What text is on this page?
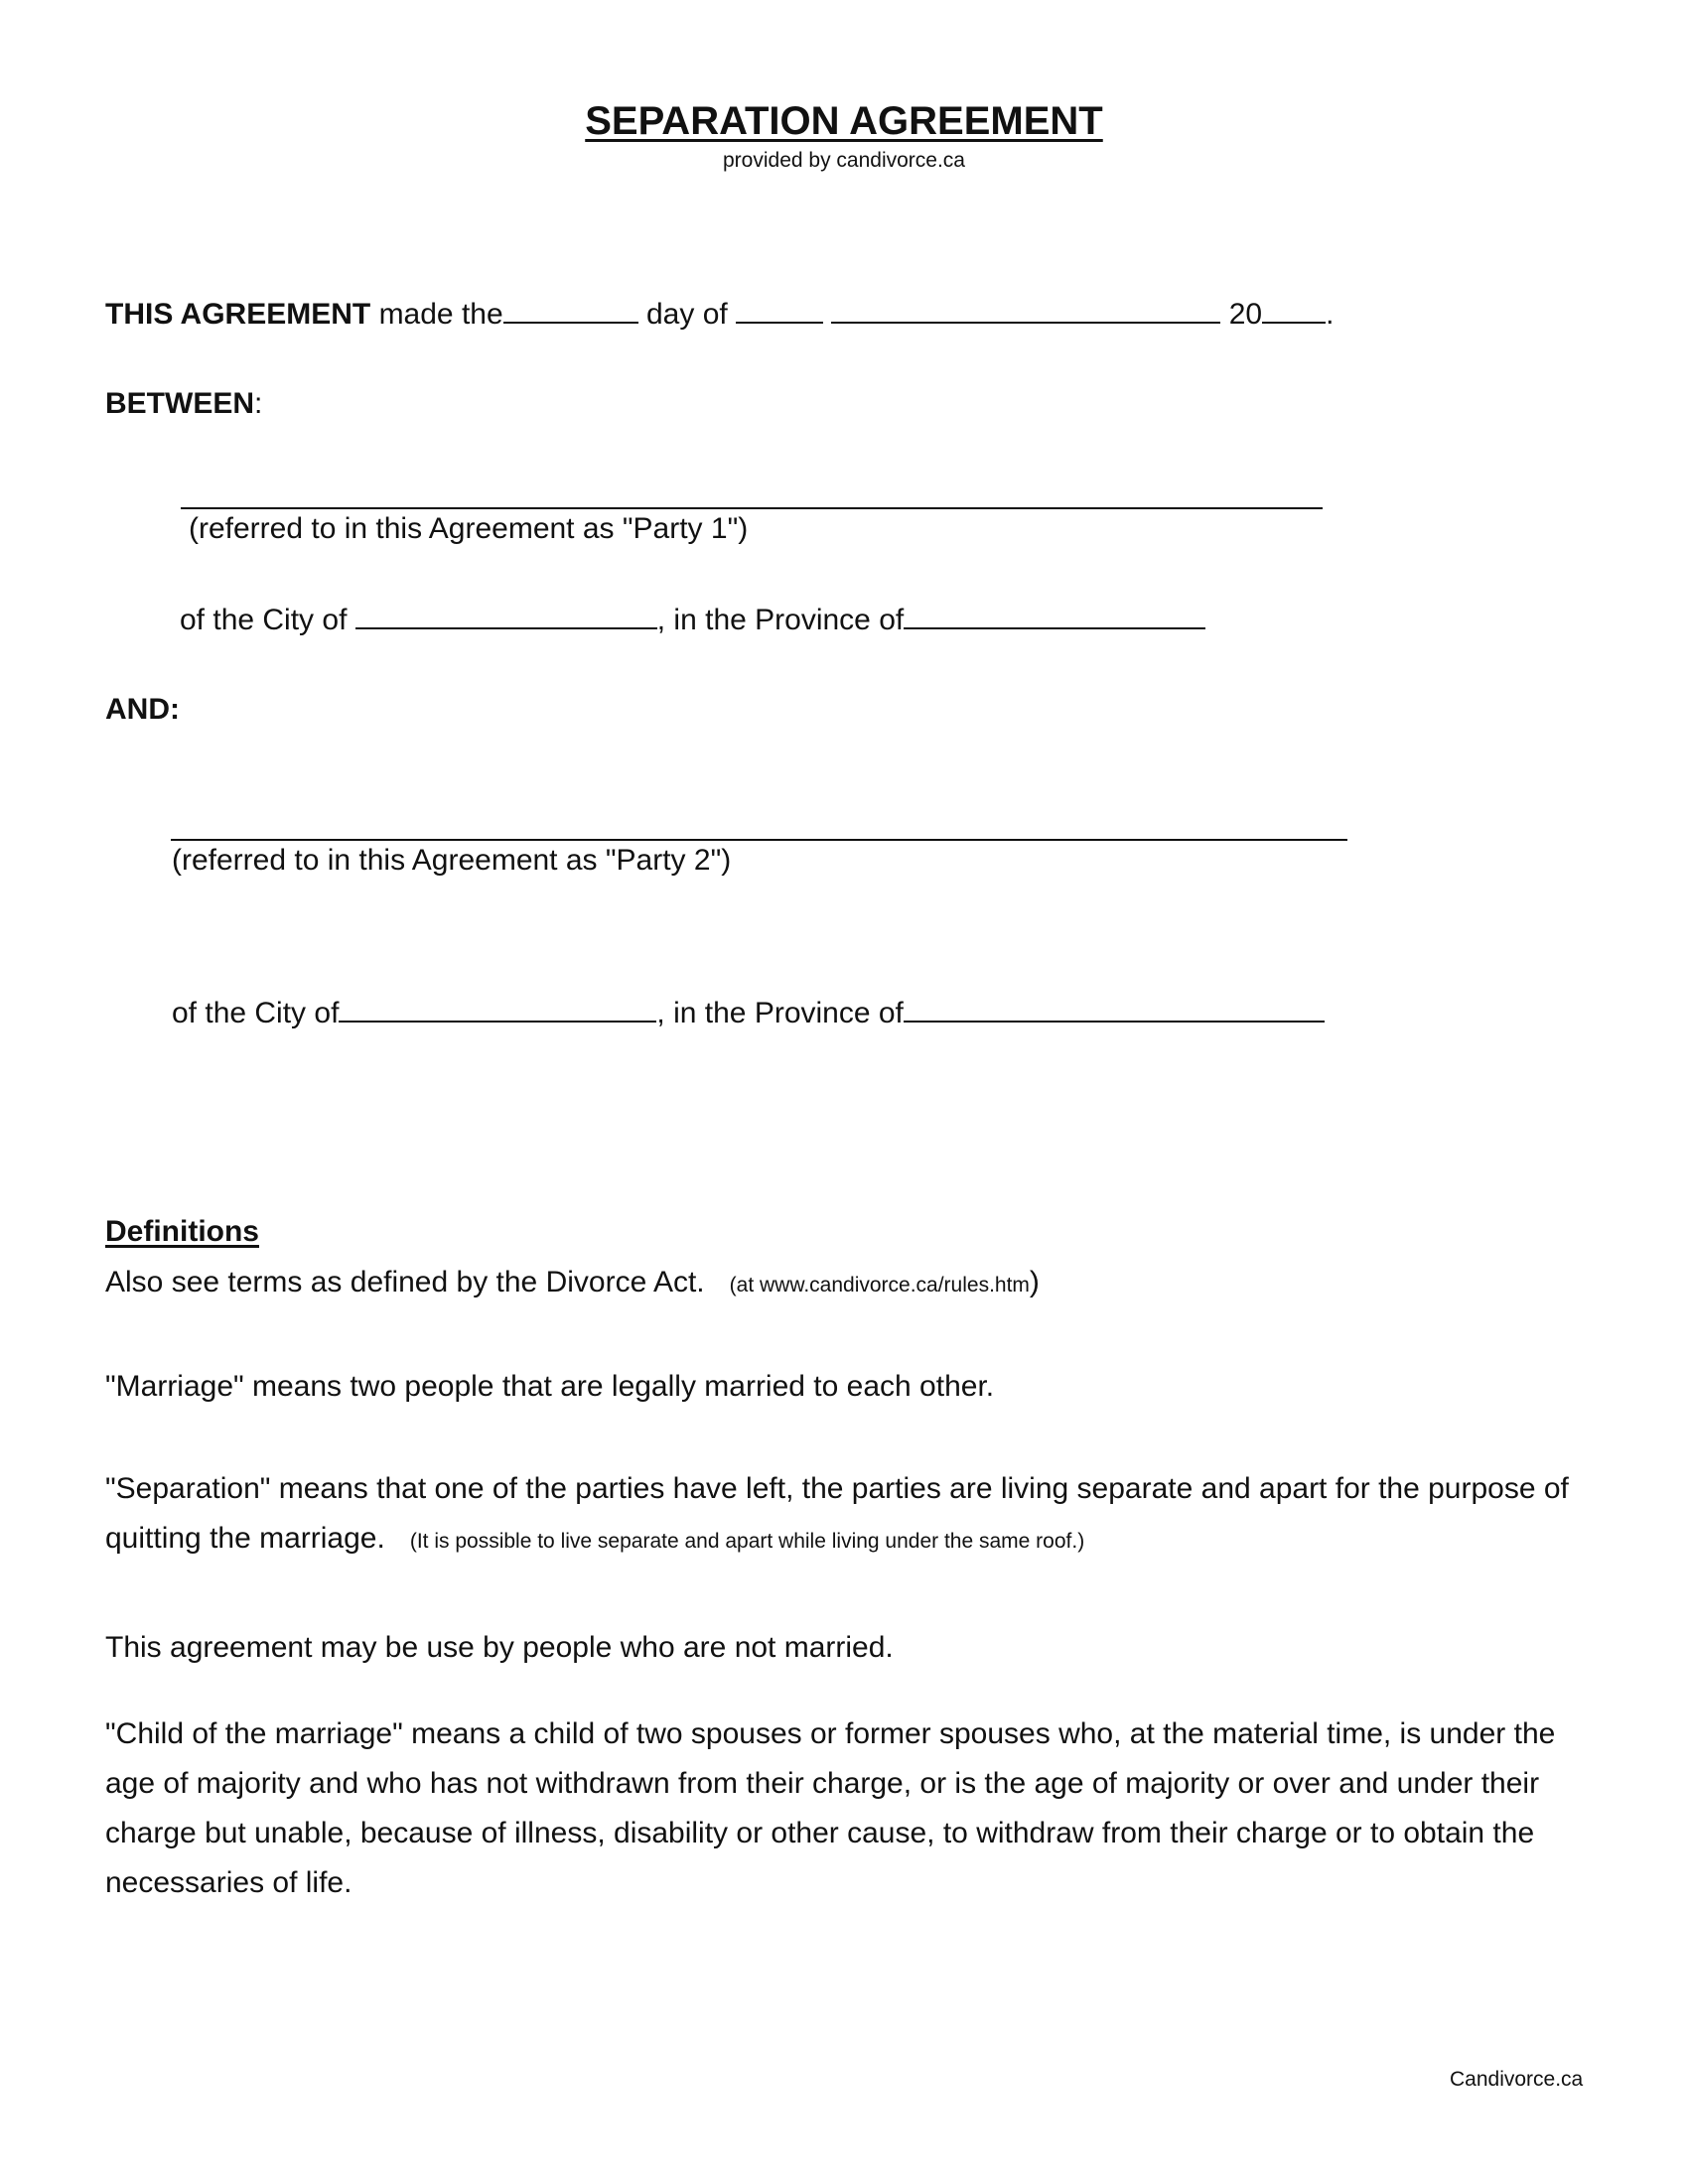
SEPARATION AGREEMENT
provided by candivorce.ca
THIS AGREEMENT made the	day of	20 .
BETWEEN:
(referred to in this Agreement as "Party 1")
of the City of	, in the Province of
AND:
(referred to in this Agreement as "Party 2")
of the City of	, in the Province of
Definitions
Also see terms as defined by the Divorce Act. (at www.candivorce.ca/rules.htm)
"Marriage" means two people that are legally married to each other.
"Separation" means that one of the parties have left, the parties are living separate and apart for the purpose of quitting the marriage. (It is possible to live separate and apart while living under the same roof.)
This agreement may be use by people who are not married.
"Child of the marriage" means a child of two spouses or former spouses who, at the material time, is under the age of majority and who has not withdrawn from their charge, or is the age of majority or over and under their charge but unable, because of illness, disability or other cause, to withdraw from their charge or to obtain the necessaries of life.
Candivorce.ca
